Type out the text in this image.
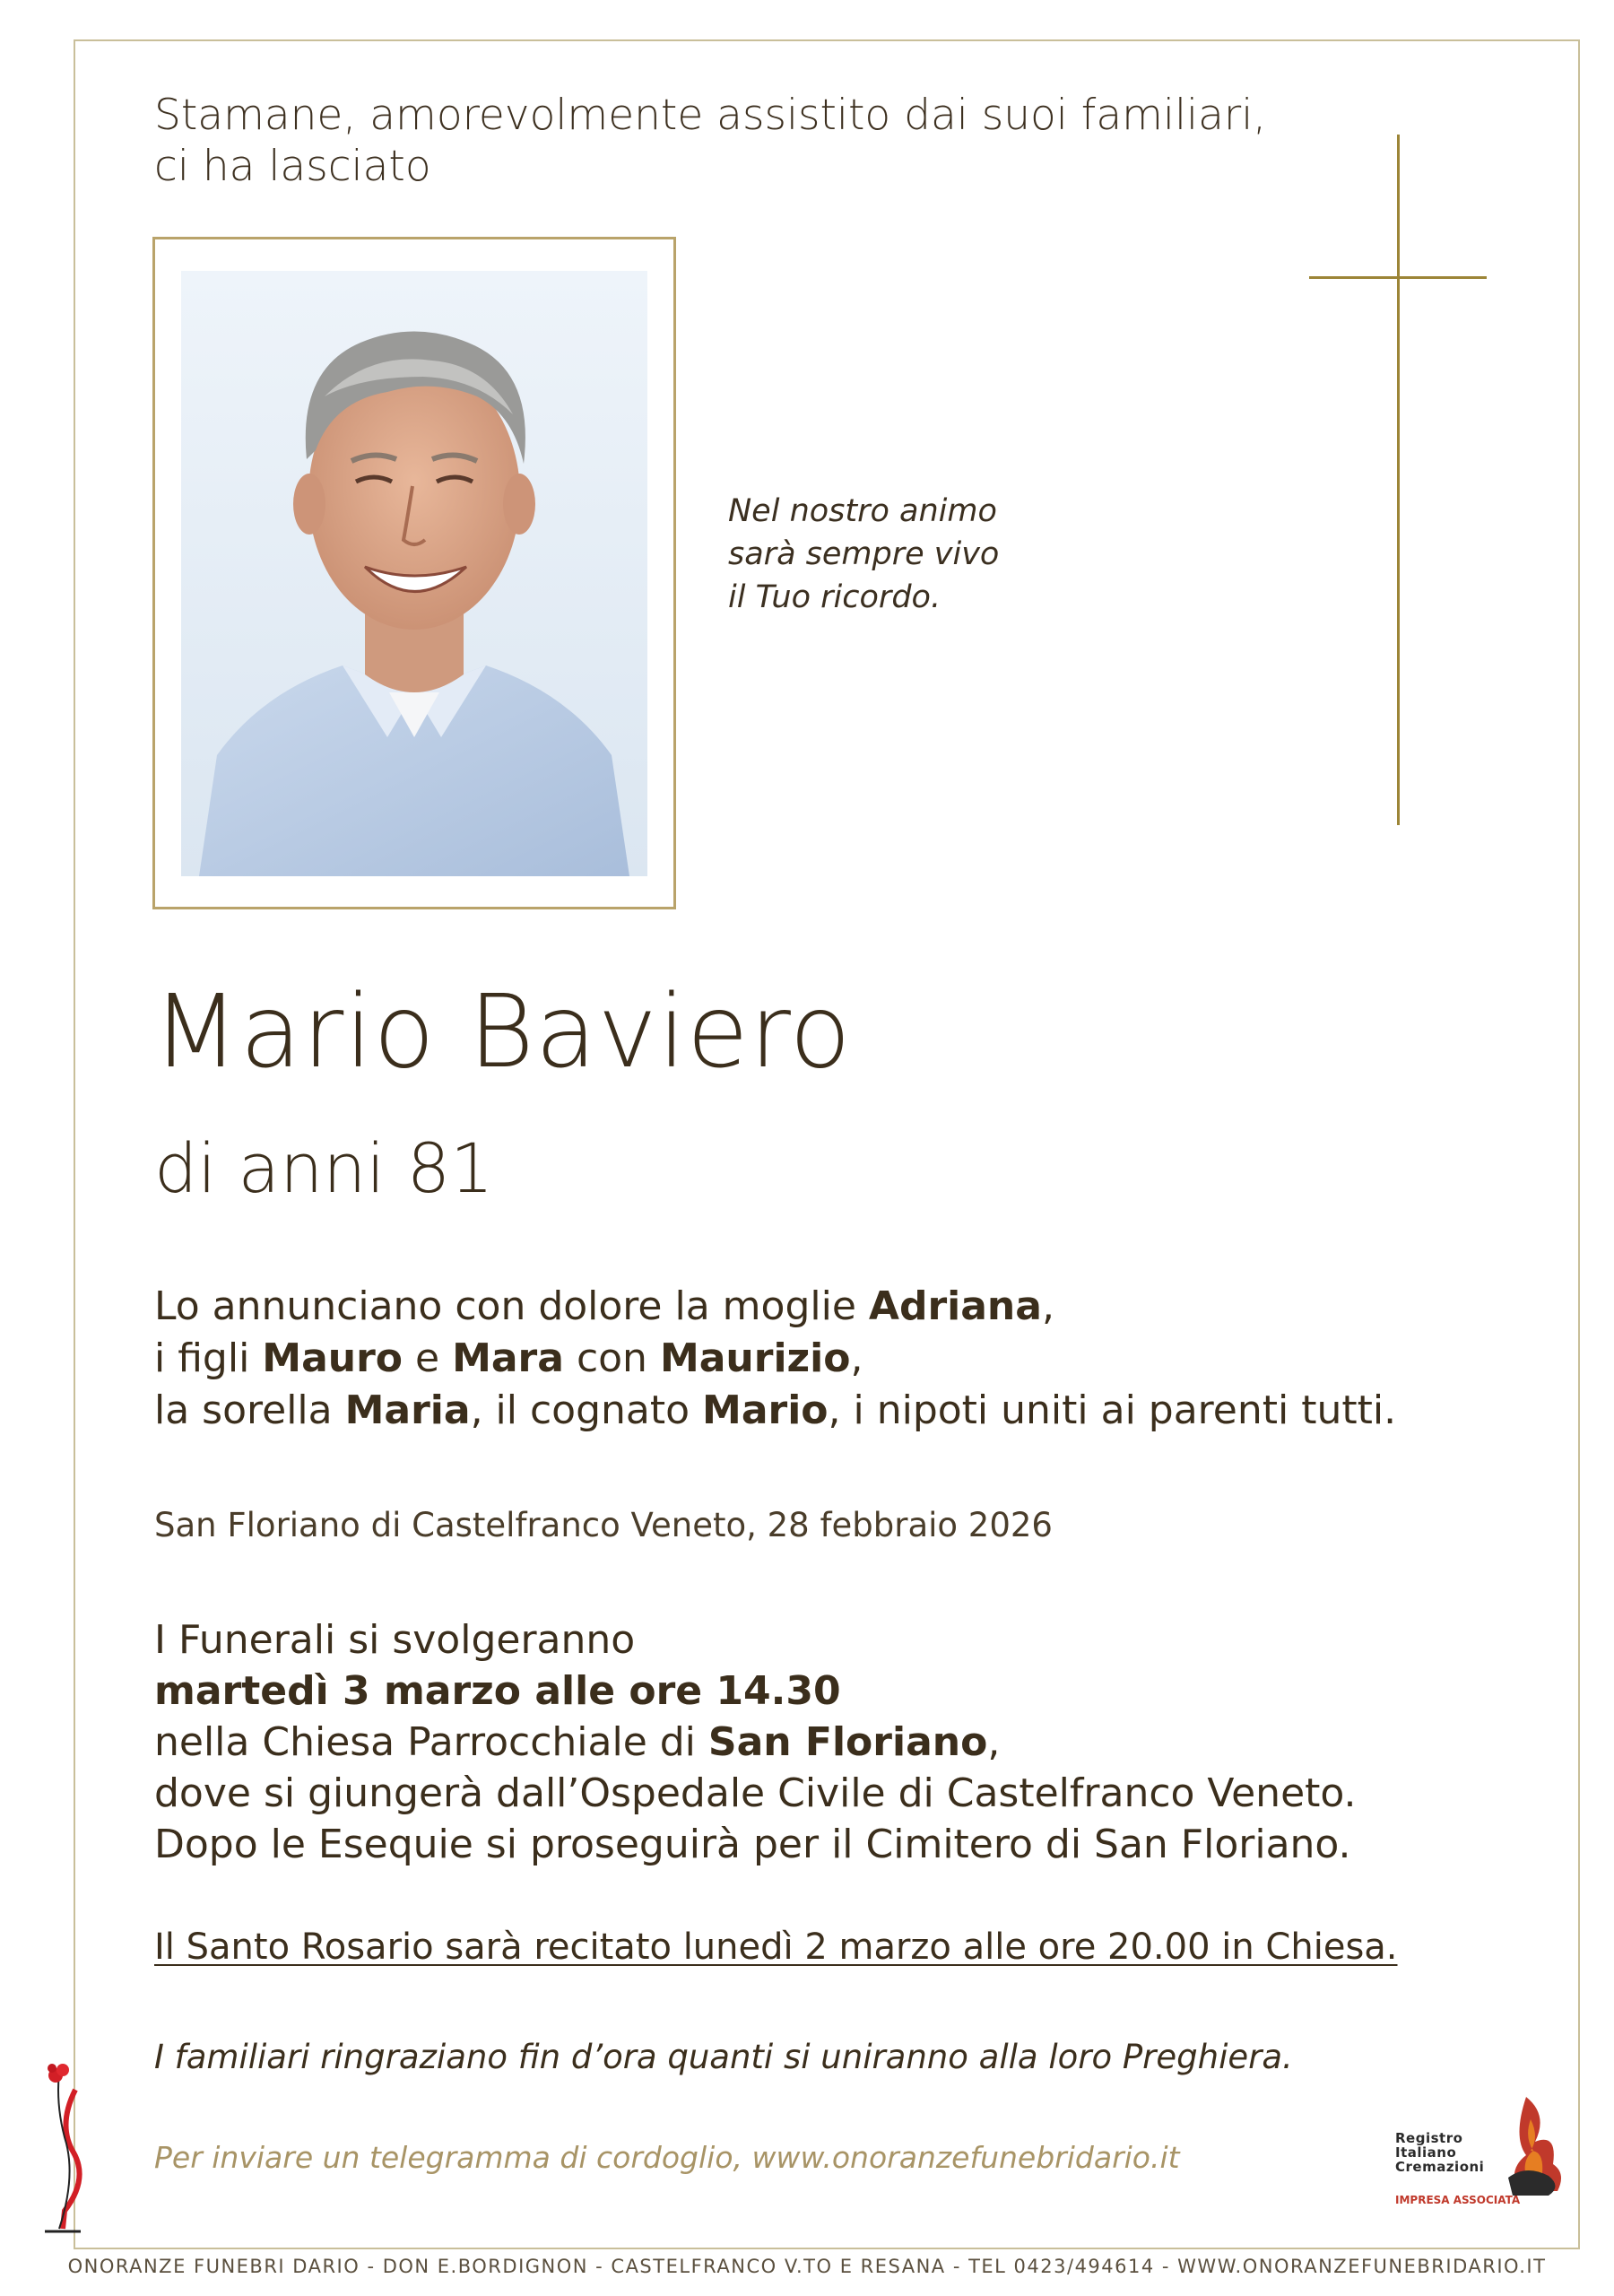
Stamane, amorevolmente assistito dai suoi familiari,
ci ha lasciato
Nel nostro animo
sarà sempre vivo
il Tuo ricordo.
Mario Baviero
di anni 81
Lo annunciano con dolore la moglie Adriana,
i figli Mauro e Mara con Maurizio,
la sorella Maria, il cognato Mario, i nipoti uniti ai parenti tutti.
San Floriano di Castelfranco Veneto, 28 febbraio 2026
I Funerali si svolgeranno
martedì 3 marzo alle ore 14.30
nella Chiesa Parrocchiale di San Floriano,
dove si giungerà dall’Ospedale Civile di Castelfranco Veneto.
Dopo le Esequie si proseguirà per il Cimitero di San Floriano.
Il Santo Rosario sarà recitato lunedì 2 marzo alle ore 20.00 in Chiesa.
I familiari ringraziano fin d’ora quanti si uniranno alla loro Preghiera.
Per inviare un telegramma di cordoglio, www.onoranzefunebridario.it
Registro
Italiano
Cremazioni
IMPRESA ASSOCIATA
ONORANZE FUNEBRI DARIO - DON E.BORDIGNON - CASTELFRANCO V.TO E RESANA - TEL 0423/494614 - WWW.ONORANZEFUNEBRIDARIO.IT
